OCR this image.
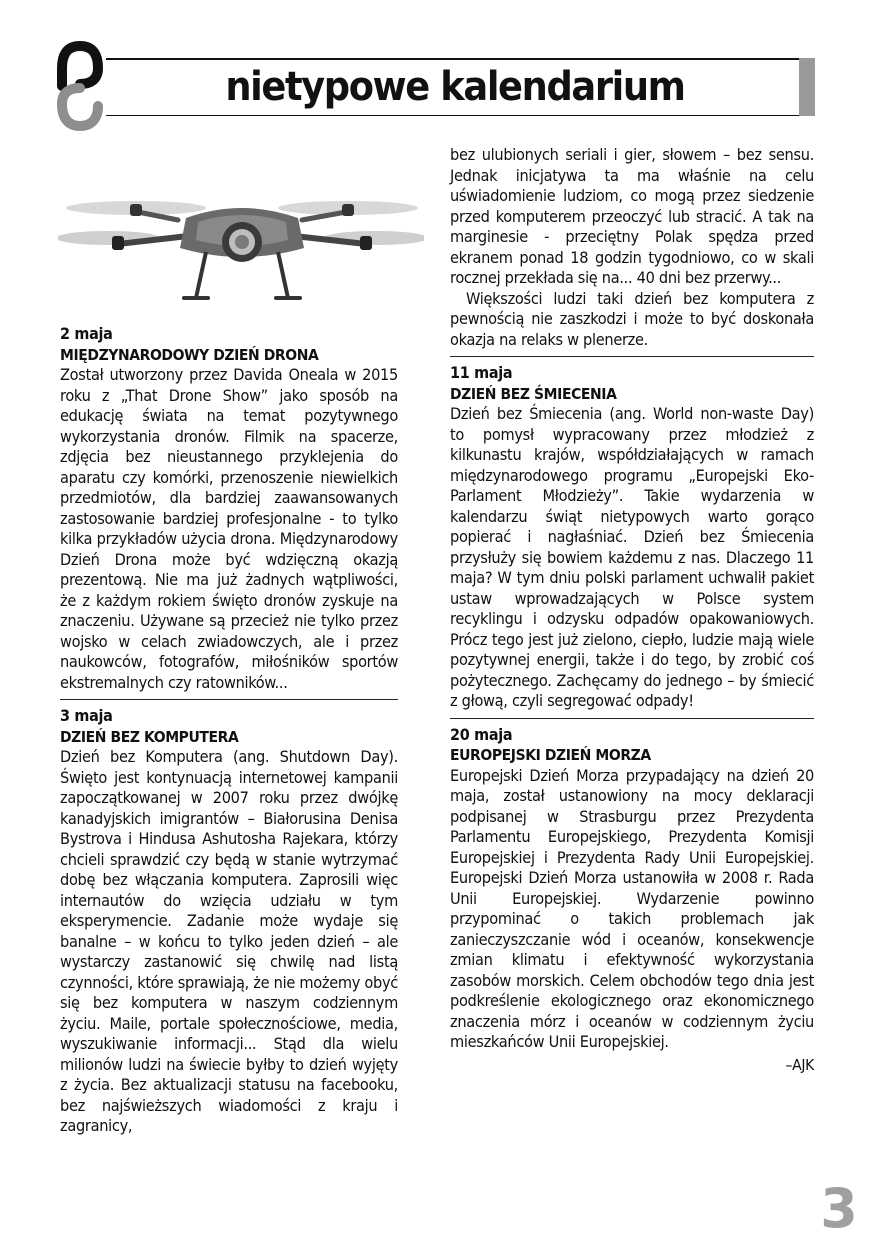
nietypowe kalendarium
2 maja
MIĘDZYNARODOWY DZIEŃ DRONA

Został utworzony przez Davida Oneala w 2015 roku z „That Drone Show” jako sposób na edukację świata na temat pozytywnego wykorzystania dronów. Filmik na spacerze, zdjęcia bez nieustannego przyklejenia do aparatu czy komórki, przenoszenie niewielkich przedmiotów, dla bardziej zaawansowanych zastosowanie bardziej profesjonalne - to tylko kilka przykładów użycia drona. Międzynarodowy Dzień Drona może być wdzięczną okazją prezentową. Nie ma już żadnych wątpliwości, że z każdym rokiem święto dronów zyskuje na znaczeniu. Używane są przecież nie tylko przez wojsko w celach zwiadowczych, ale i przez naukowców, fotografów, miłośników sportów ekstremalnych czy ratowników...

3 maja
DZIEŃ BEZ KOMPUTERA

Dzień bez Komputera (ang. Shutdown Day). Święto jest kontynuacją internetowej kampanii zapoczątkowanej w 2007 roku przez dwójkę kanadyjskich imigrantów – Białorusina Denisa Bystrova i Hindusa Ashutosha Rajekara, którzy chcieli sprawdzić czy będą w stanie wytrzymać dobę bez włączania komputera. Zaprosili więc internautów do wzięcia udziału w tym eksperymencie. Zadanie może wydaje się banalne – w końcu to tylko jeden dzień – ale wystarczy zastanowić się chwilę nad listą czynności, które sprawiają, że nie możemy obyć się bez komputera w naszym codziennym życiu. Maile, portale społecznościowe, media, wyszukiwanie informacji... Stąd dla wielu milionów ludzi na świecie byłby to dzień wyjęty z życia. Bez aktualizacji statusu na facebooku, bez najświeższych wiadomości z kraju i zagranicy,

bez ulubionych seriali i gier, słowem – bez sensu. Jednak inicjatywa ta ma właśnie na celu uświadomienie ludziom, co mogą przez siedzenie przed komputerem przeoczyć lub stracić. A tak na marginesie - przeciętny Polak spędza przed ekranem ponad 18 godzin tygodniowo, co w skali rocznej przekłada się na... 40 dni bez przerwy...

Większości ludzi taki dzień bez komputera z pewnością nie zaszkodzi i może to być doskonała okazja na relaks w plenerze.

11 maja
DZIEŃ BEZ ŚMIECENIA

Dzień bez Śmiecenia (ang. World non-waste Day) to pomysł wypracowany przez młodzież z kilkunastu krajów, współdziałających w ramach międzynarodowego programu „Europejski Eko-Parlament Młodzieży”. Takie wydarzenia w kalendarzu świąt nietypowych warto gorąco popierać i nagłaśniać. Dzień bez Śmiecenia przysłuży się bowiem każdemu z nas. Dlaczego 11 maja? W tym dniu polski parlament uchwalił pakiet ustaw wprowadzających w Polsce system recyklingu i odzysku odpadów opakowaniowych. Prócz tego jest już zielono, ciepło, ludzie mają wiele pozytywnej energii, także i do tego, by zrobić coś pożytecznego. Zachęcamy do jednego – by śmiecić z głową, czyli segregować odpady!

20 maja
EUROPEJSKI DZIEŃ MORZA

Europejski Dzień Morza przypadający na dzień 20 maja, został ustanowiony na mocy deklaracji podpisanej w Strasburgu przez Prezydenta Parlamentu Europejskiego, Prezydenta Komisji Europejskiej i Prezydenta Rady Unii Europejskiej. Europejski Dzień Morza ustanowiła w 2008 r. Rada Unii Europejskiej. Wydarzenie powinno przypominać o takich problemach jak zanieczyszczanie wód i oceanów, konsekwencje zmian klimatu i efektywność wykorzystania zasobów morskich. Celem obchodów tego dnia jest podkreślenie ekologicznego oraz ekonomicznego znaczenia mórz i oceanów w codziennym życiu mieszkańców Unii Europejskiej.

–AJK
3
